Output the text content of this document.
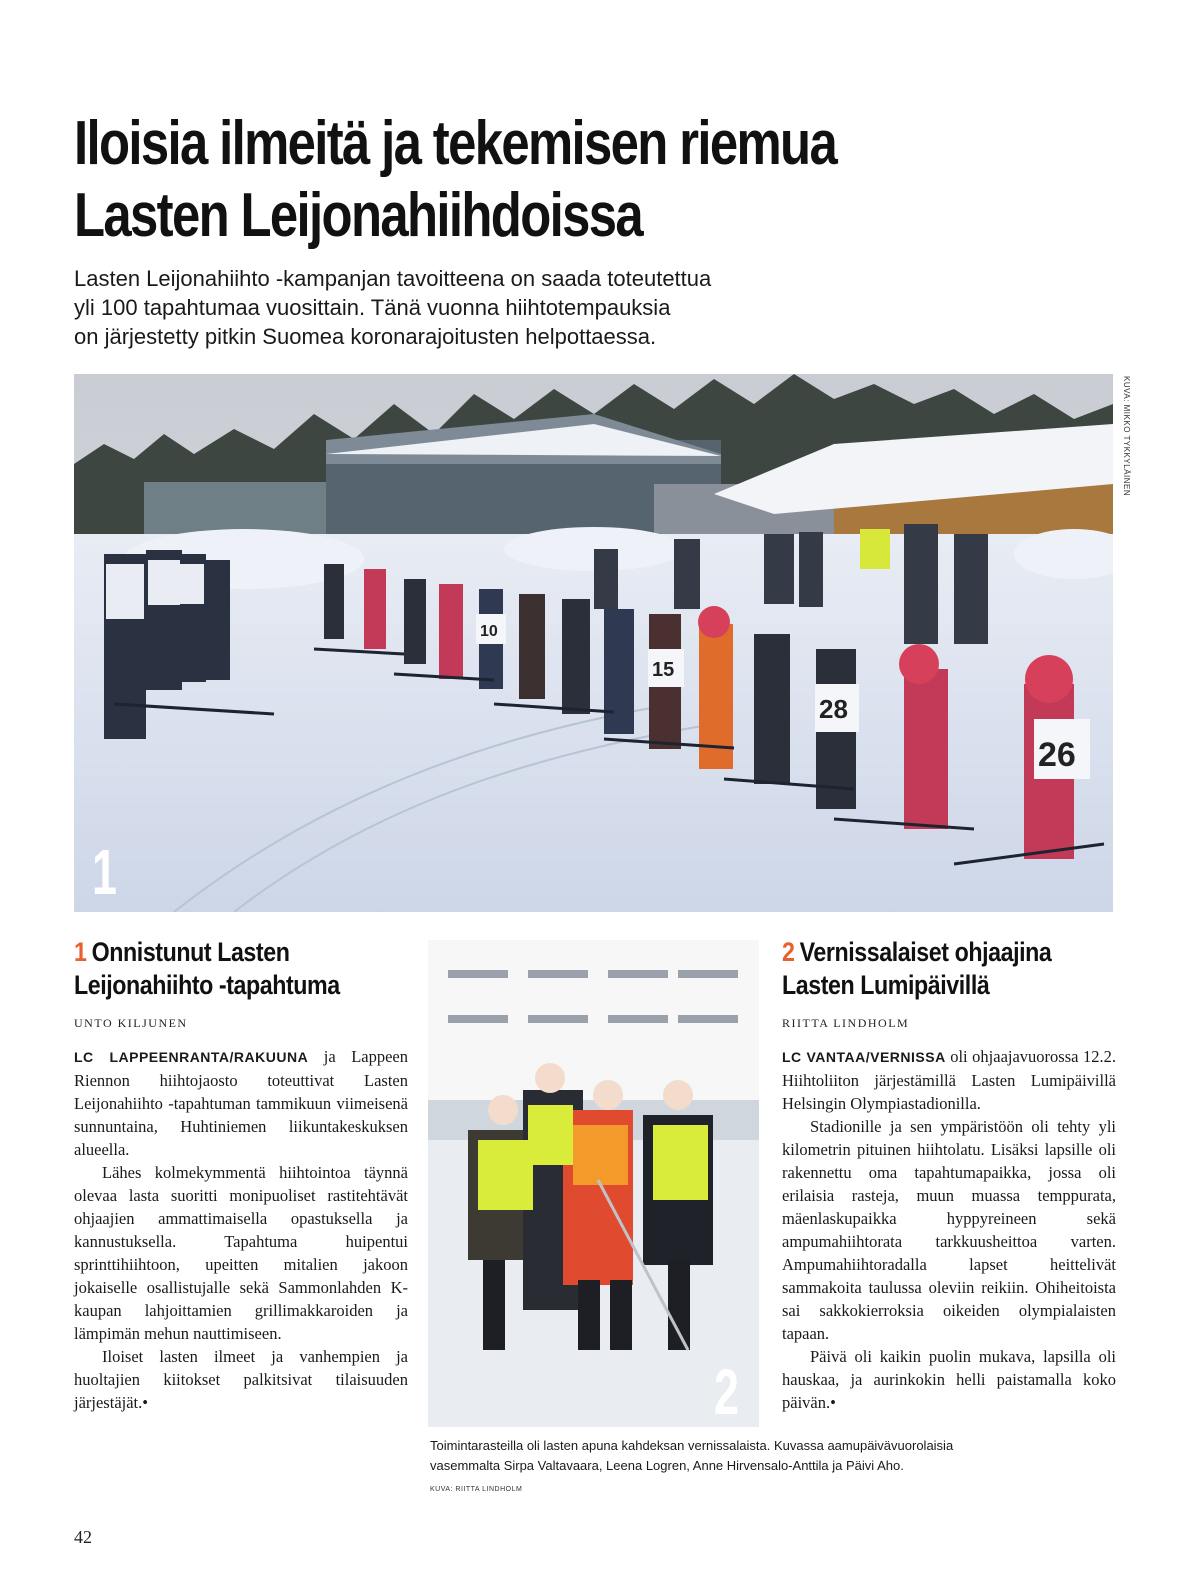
Iloisia ilmeitä ja tekemisen riemua
Lasten Leijonahiihdoissa
Lasten Leijonahiihto -kampanjan tavoitteena on saada toteutettua
yli 100 tapahtumaa vuosittain. Tänä vuonna hiihtotempauksia
on järjestetty pitkin Suomea koronarajoitusten helpottaessa.
10
15
28
26
1
KUVA: MIKKO TYKKYLÄINEN
1 Onnistunut Lasten
Leijonahiihto -tapahtuma
UNTO KILJUNEN

LC LAPPEENRANTA/RAKUUNA ja Lappeen Riennon hiihtojaosto toteuttivat Lasten Leijonahiihto -tapahtuman tammikuun viimeisenä sunnuntaina, Huhtiniemen liikuntakeskuksen alueella.

Lähes kolmekymmentä hiihtointoa täynnä olevaa lasta suoritti monipuoliset rastitehtävät ohjaajien ammattimaisella opastuksella ja kannustuksella. Tapahtuma huipentui sprinttihiihtoon, upeitten mitalien jakoon jokaiselle osallistujalle sekä Sammonlahden K-kaupan lahjoittamien grillimakkaroiden ja lämpimän mehun nauttimiseen.

Iloiset lasten ilmeet ja vanhempien ja huoltajien kiitokset palkitsivat tilaisuuden järjestäjät.•	2
Toimintarasteilla oli lasten apuna kahdeksan vernissalaista. Kuvassa aamupäivävuorolaisia
vasemmalta Sirpa Valtavaara, Leena Logren, Anne Hirvensalo-Anttila ja Päivi Aho.
KUVA: RIITTA LINDHOLM
2 Vernissalaiset ohjaajina
Lasten Lumipäivillä
RIITTA LINDHOLM

LC VANTAA/VERNISSA oli ohjaajavuorossa 12.2. Hiihtoliiton järjestämillä Lasten Lumipäivillä Helsingin Olympiastadionilla.

Stadionille ja sen ympäristöön oli tehty yli kilometrin pituinen hiihtolatu. Lisäksi lapsille oli rakennettu oma tapahtumapaikka, jossa oli erilaisia rasteja, muun muassa temppurata, mäenlaskupaikka hyppyreineen sekä ampumahiihtorata tarkkuusheittoa varten. Ampumahiihtoradalla lapset heittelivät sammakoita taulussa oleviin reikiin. Ohiheitoista sai sakkokierroksia oikeiden olympialaisten tapaan.

Päivä oli kaikin puolin mukava, lapsilla oli hauskaa, ja aurinkokin helli paistamalla koko päivän.•

42
